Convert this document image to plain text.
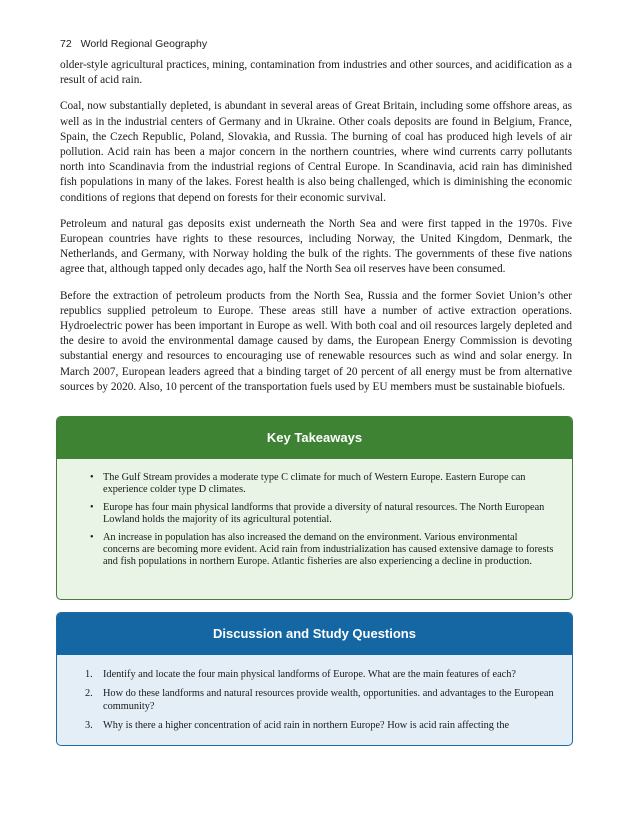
72 World Regional Geography

older-style agricultural practices, mining, contamination from industries and other sources, and acidification as a result of acid rain.

Coal, now substantially depleted, is abundant in several areas of Great Britain, including some offshore areas, as well as in the industrial centers of Germany and in Ukraine. Other coals deposits are found in Belgium, France, Spain, the Czech Republic, Poland, Slovakia, and Russia. The burning of coal has produced high levels of air pollution. Acid rain has been a major concern in the northern countries, where wind currents carry pollutants north into Scandinavia from the industrial regions of Central Europe. In Scandinavia, acid rain has diminished fish populations in many of the lakes. Forest health is also being challenged, which is diminishing the economic conditions of regions that depend on forests for their economic survival.

Petroleum and natural gas deposits exist underneath the North Sea and were first tapped in the 1970s. Five European countries have rights to these resources, including Norway, the United Kingdom, Denmark, the Netherlands, and Germany, with Norway holding the bulk of the rights. The governments of these five nations agree that, although tapped only decades ago, half the North Sea oil reserves have been consumed.

Before the extraction of petroleum products from the North Sea, Russia and the former Soviet Union’s other republics supplied petroleum to Europe. These areas still have a number of active extraction operations. Hydroelectric power has been important in Europe as well. With both coal and oil resources largely depleted and the desire to avoid the environmental damage caused by dams, the European Energy Commission is devoting substantial energy and resources to encouraging use of renewable resources such as wind and solar energy. In March 2007, European leaders agreed that a binding target of 20 percent of all energy must be from alternative sources by 2020. Also, 10 percent of the transportation fuels used by EU members must be sustainable biofuels.

Key Takeaways
• The Gulf Stream provides a moderate type C climate for much of Western Europe. Eastern Europe can experience colder type D climates.
• Europe has four main physical landforms that provide a diversity of natural resources. The North European Lowland holds the majority of its agricultural potential.
• An increase in population has also increased the demand on the environment. Various environmental concerns are becoming more evident. Acid rain from industrialization has caused extensive damage to forests and fish populations in northern Europe. Atlantic fisheries are also experiencing a decline in production.
Discussion and Study Questions
1. Identify and locate the four main physical landforms of Europe. What are the main features of each?
2. How do these landforms and natural resources provide wealth, opportunities. and advantages to the European community?
3. Why is there a higher concentration of acid rain in northern Europe? How is acid rain affecting the
